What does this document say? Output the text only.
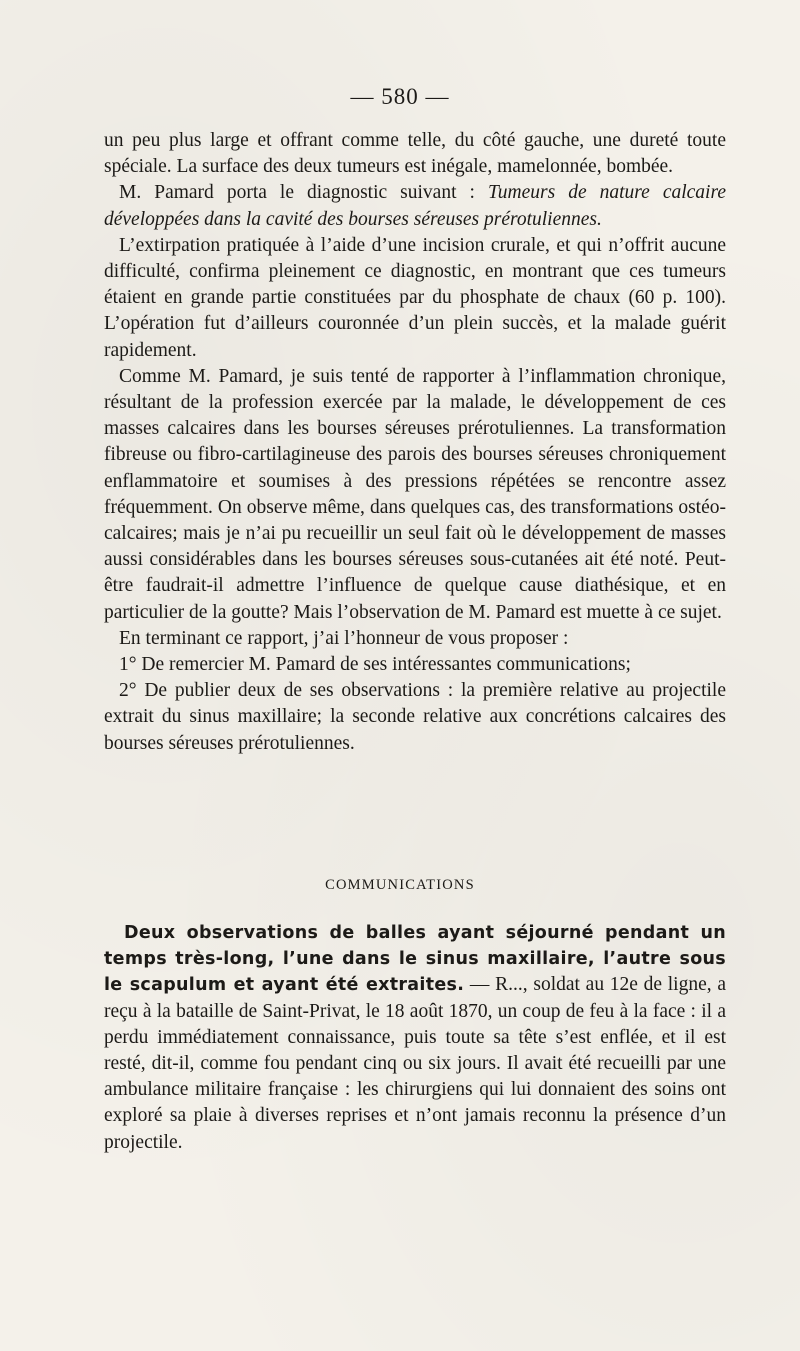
— 580 —

un peu plus large et offrant comme telle, du côté gauche, une dureté toute spéciale. La surface des deux tumeurs est inégale, mamelonnée, bombée.

M. Pamard porta le diagnostic suivant : Tumeurs de nature calcaire développées dans la cavité des bourses séreuses prérotuliennes.

L’extirpation pratiquée à l’aide d’une incision crurale, et qui n’offrit aucune difficulté, confirma pleinement ce diagnostic, en montrant que ces tumeurs étaient en grande partie constituées par du phosphate de chaux (60 p. 100). L’opération fut d’ailleurs couronnée d’un plein succès, et la malade guérit rapidement.

Comme M. Pamard, je suis tenté de rapporter à l’inflammation chronique, résultant de la profession exercée par la malade, le développement de ces masses calcaires dans les bourses séreuses prérotuliennes. La transformation fibreuse ou fibro-cartilagineuse des parois des bourses séreuses chroniquement enflammatoire et soumises à des pressions répétées se rencontre assez fréquemment. On observe même, dans quelques cas, des transformations ostéo-calcaires; mais je n’ai pu recueillir un seul fait où le développement de masses aussi considérables dans les bourses séreuses sous-cutanées ait été noté. Peut-être faudrait-il admettre l’influence de quelque cause diathésique, et en particulier de la goutte? Mais l’observation de M. Pamard est muette à ce sujet.

En terminant ce rapport, j’ai l’honneur de vous proposer :

1° De remercier M. Pamard de ses intéressantes communications;

2° De publier deux de ses observations : la première relative au projectile extrait du sinus maxillaire; la seconde relative aux concrétions calcaires des bourses séreuses prérotuliennes.

COMMUNICATIONS

Deux observations de balles ayant séjourné pendant un temps très-long, l’une dans le sinus maxillaire, l’autre sous le scapulum et ayant été extraites. — R..., soldat au 12e de ligne, a reçu à la bataille de Saint-Privat, le 18 août 1870, un coup de feu à la face : il a perdu immédiatement connaissance, puis toute sa tête s’est enflée, et il est resté, dit-il, comme fou pendant cinq ou six jours. Il avait été recueilli par une ambulance militaire française : les chirurgiens qui lui donnaient des soins ont exploré sa plaie à diverses reprises et n’ont jamais reconnu la présence d’un projectile.
